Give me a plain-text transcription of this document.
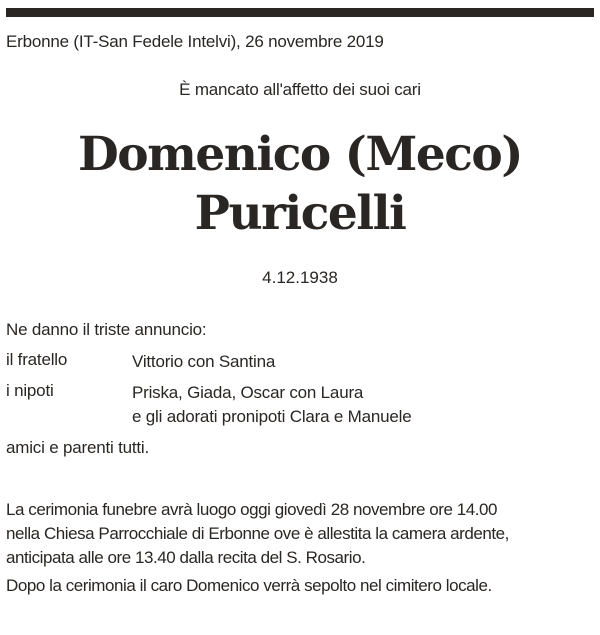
Erbonne (IT-San Fedele Intelvi), 26 novembre 2019
È mancato all'affetto dei suoi cari
Domenico (Meco)
Puricelli
4.12.1938
Ne danno il triste annuncio:
il fratello	Vittorio con Santina
i nipoti	Priska, Giada, Oscar con Laura
e gli adorati pronipoti Clara e Manuele
amici e parenti tutti.
La cerimonia funebre avrà luogo oggi giovedì 28 novembre ore 14.00
nella Chiesa Parrocchiale di Erbonne ove è allestita la camera ardente,
anticipata alle ore 13.40 dalla recita del S. Rosario.
Dopo la cerimonia il caro Domenico verrà sepolto nel cimitero locale.
